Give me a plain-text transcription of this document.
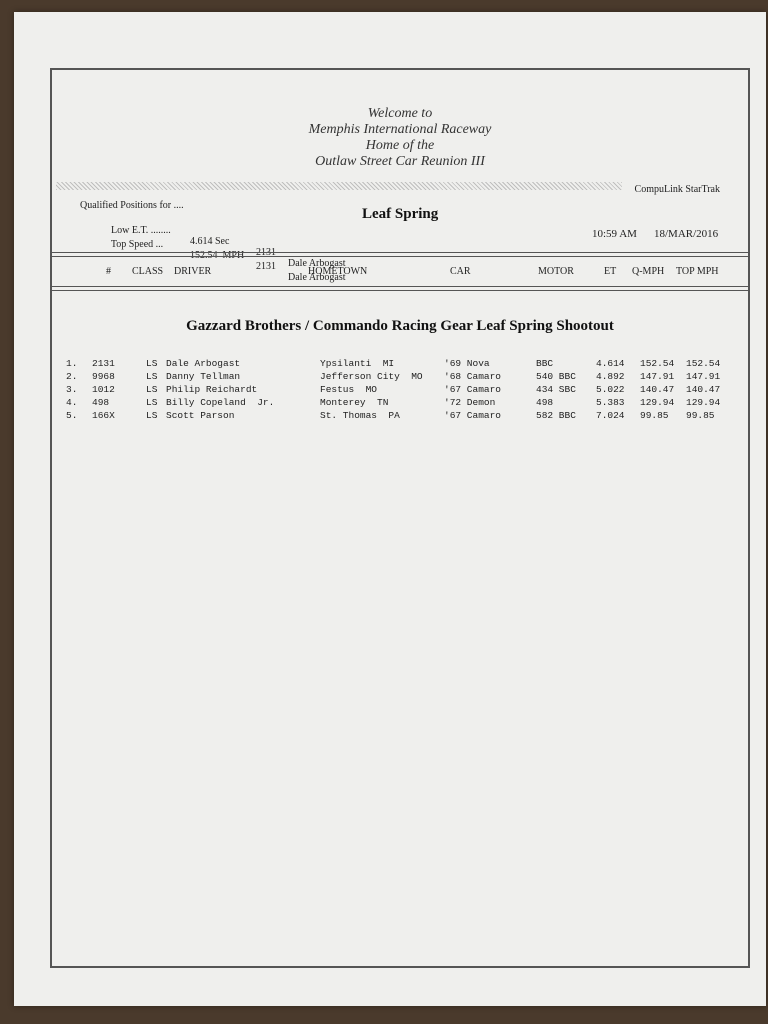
Welcome to
Memphis International Raceway
Home of the
Outlaw Street Car Reunion III
CompuLink StarTrak
Qualified Positions for ....

Low E.T. ........

4.614 Sec

2131

Dale Arbogast

Top Speed ...

152.54  MPH

2131

Dale Arbogast

Leaf Spring
10:59 AM 18/MAR/2016
# CLASS DRIVER	HOMETOWN	CAR	MOTOR	ET Q-MPH TOP MPH
Gazzard Brothers / Commando Racing Gear Leaf Spring Shootout
1. 2131	LS Dale Arbogast	Ypsilanti  MI	'69 Nova	BBC	4.614 152.54 152.54
2. 9968	LS Danny Tellman	Jefferson City  MO '68 Camaro	540 BBC 4.892 147.91 147.91
3. 1012	LS Philip Reichardt	Festus  MO	'67 Camaro	434 SBC 5.022 140.47 140.47
4. 498	LS Billy Copeland  Jr.	Monterey  TN	'72 Demon	498	5.383 129.94 129.94
5. 166X	LS Scott Parson	St. Thomas  PA	'67 Camaro	582 BBC 7.024 99.85 99.85
